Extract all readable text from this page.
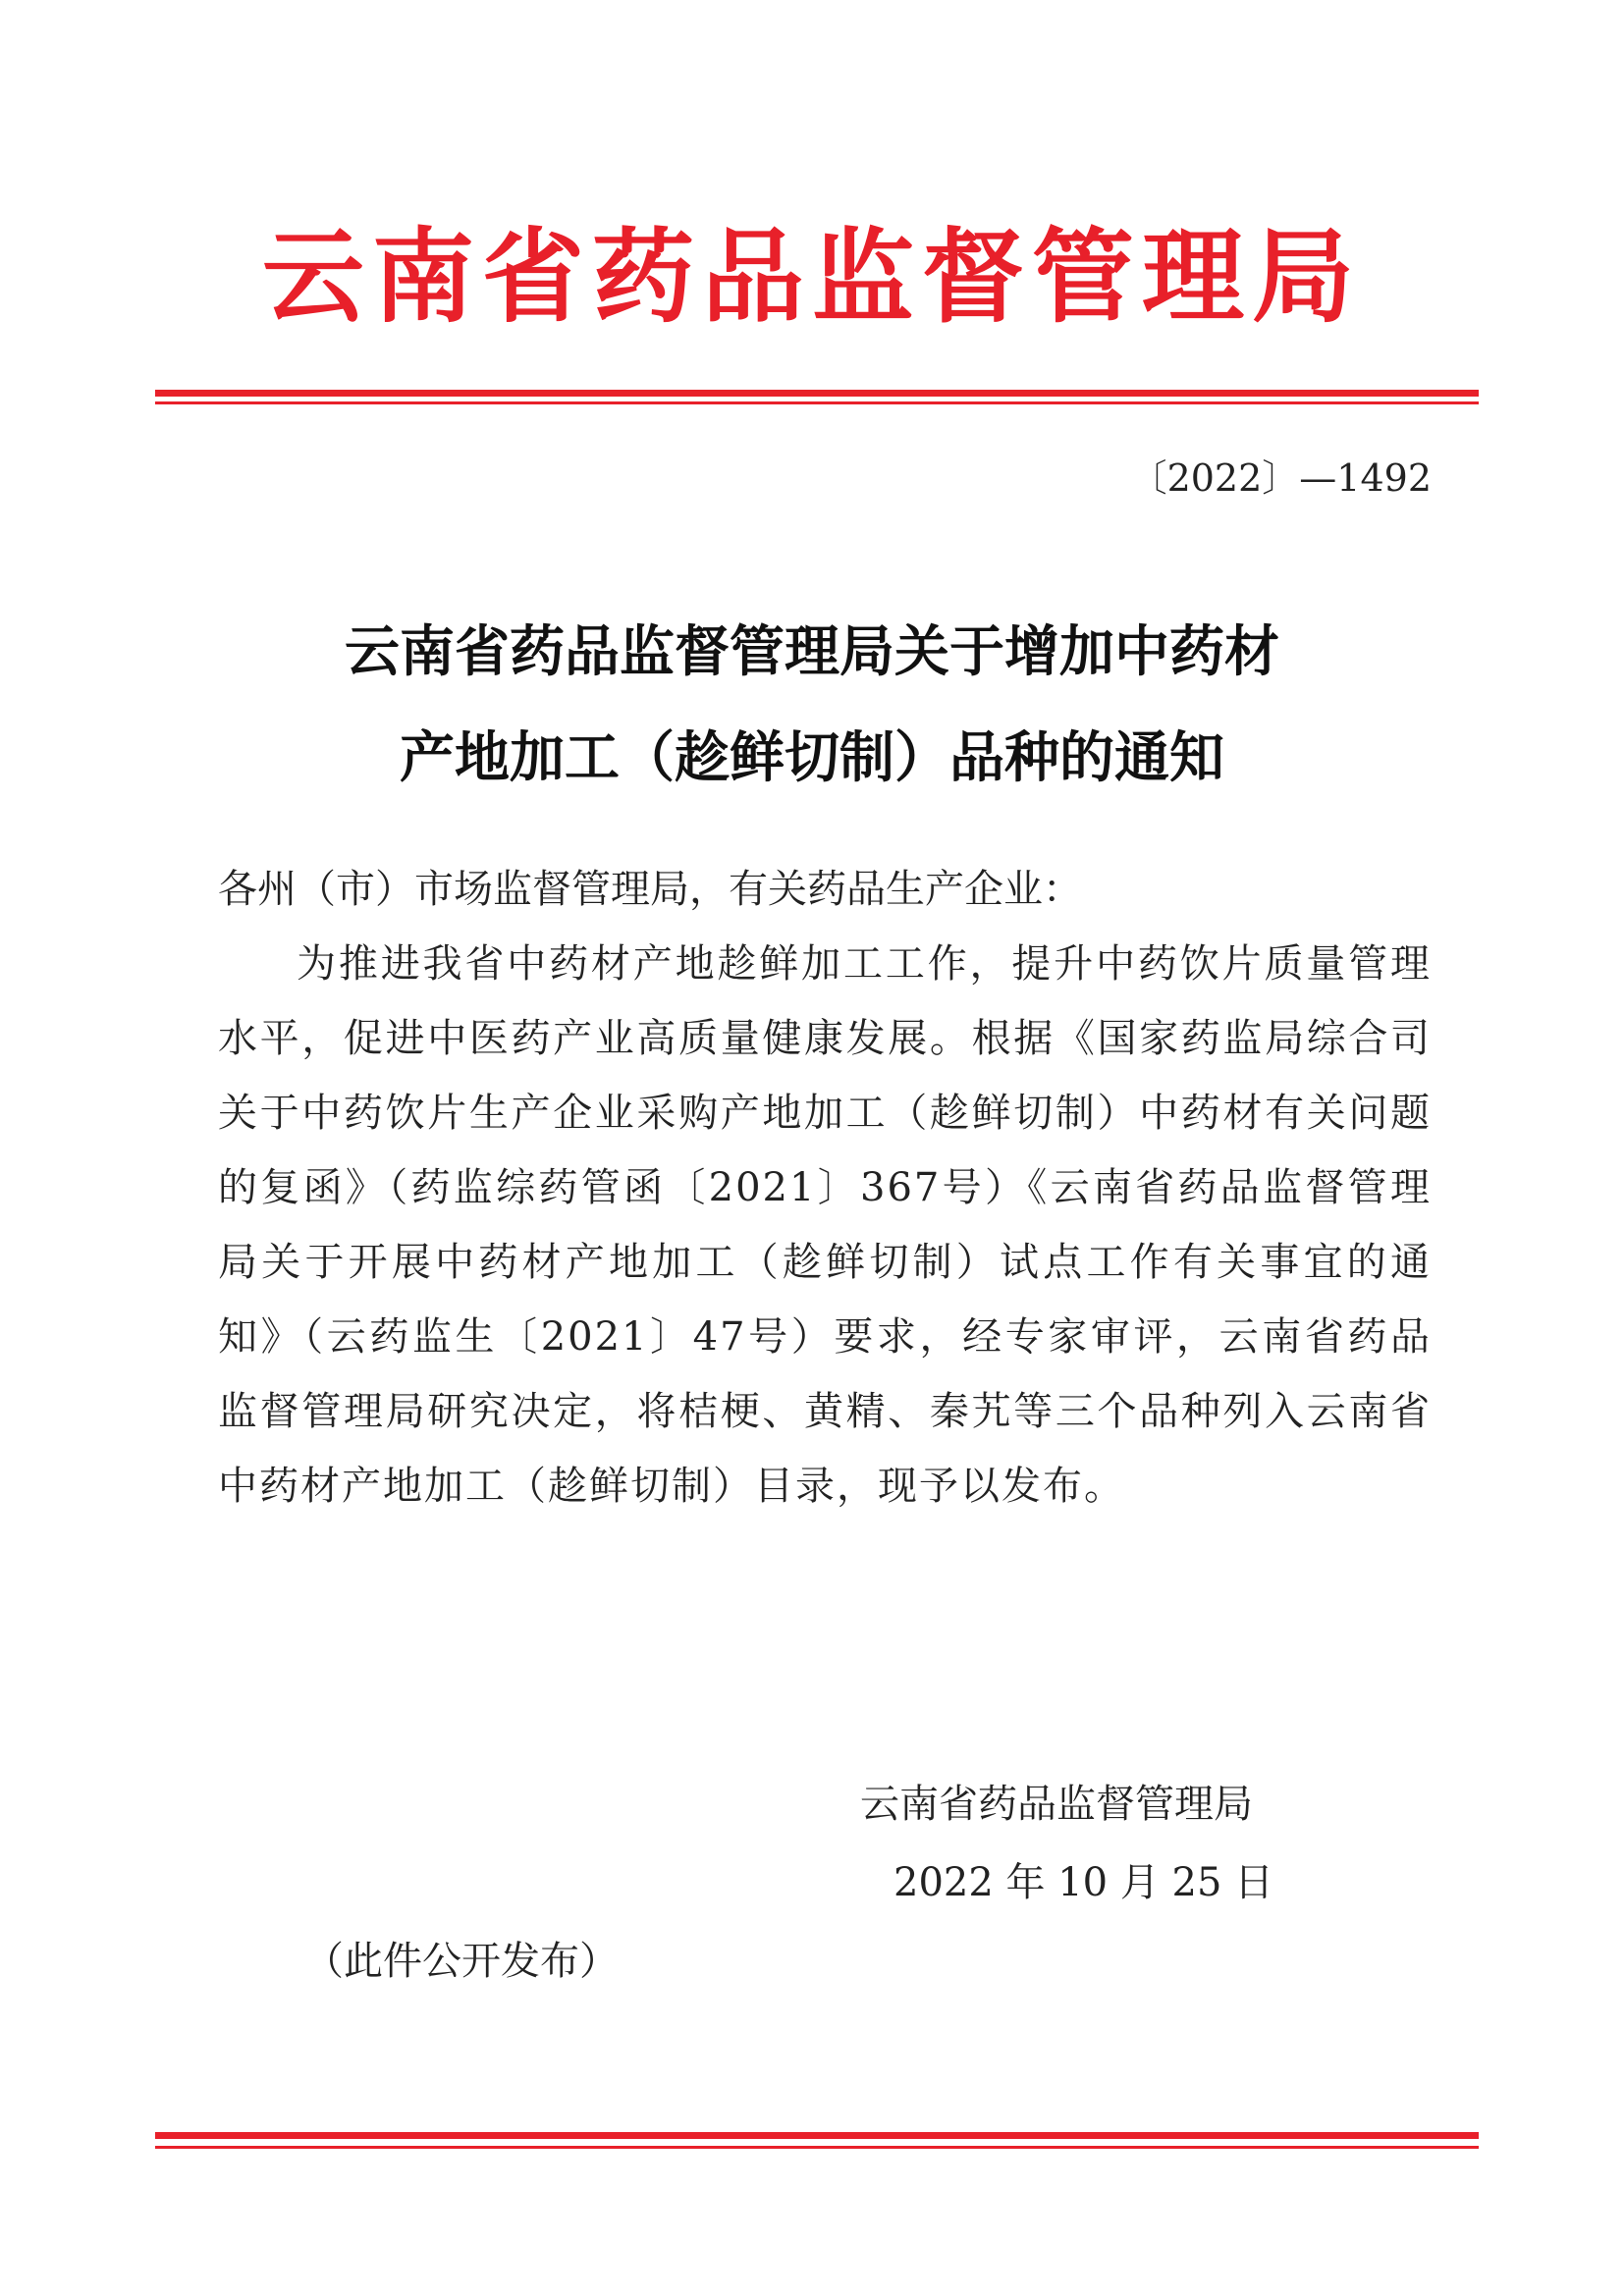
云南省药品监督管理局
〔2022〕—1492
云南省药品监督管理局关于增加中药材
产地加工（趁鲜切制）品种的通知
各州（市）市场监督管理局，有关药品生产企业：
为推进我省中药材产地趁鲜加工工作，提升中药饮片质量管理水平，促进中医药产业高质量健康发展。根据《国家药监局综合司关于中药饮片生产企业采购产地加工（趁鲜切制）中药材有关问题的复函》（药监综药管函〔2021〕367号）《云南省药品监督管理局关于开展中药材产地加工（趁鲜切制）试点工作有关事宜的通知》（云药监生〔2021〕47号）要求，经专家审评，云南省药品监督管理局研究决定，将桔梗、黄精、秦艽等三个品种列入云南省中药材产地加工（趁鲜切制）目录，现予以发布。
云南省药品监督管理局
2022 年 10 月 25 日
（此件公开发布）
